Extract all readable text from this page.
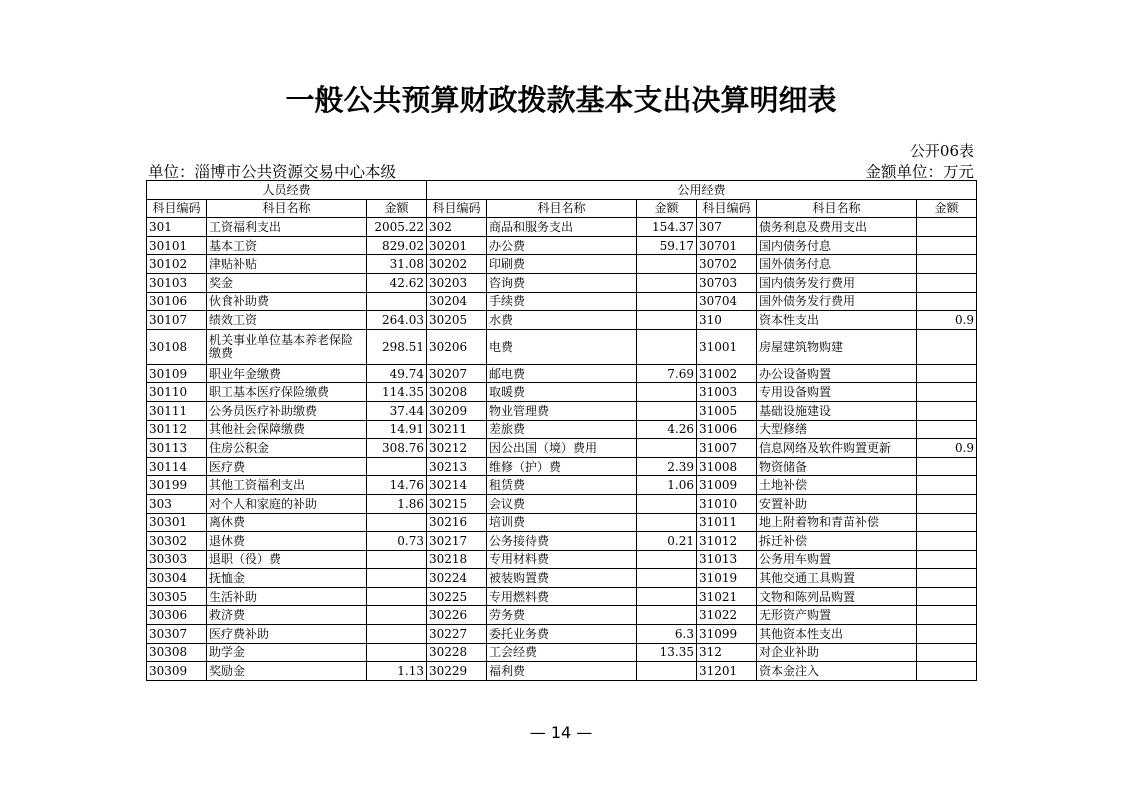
一般公共预算财政拨款基本支出决算明细表
公开06表
单位：淄博市公共资源交易中心本级	金额单位：万元
人员经费			公用经费					
科目编码	科目名称	金额	科目编码	科目名称	金额	科目编码	科目名称	金额
301	工资福利支出	2005.22	302	商品和服务支出	154.37	307	债务利息及费用支出	
30101	基本工资	829.02	30201	办公费	59.17	30701	国内债务付息	
30102	津贴补贴	31.08	30202	印刷费		30702	国外债务付息	
30103	奖金	42.62	30203	咨询费		30703	国内债务发行费用	
30106	伙食补助费		30204	手续费		30704	国外债务发行费用	
30107	绩效工资	264.03	30205	水费		310	资本性支出	0.9
30108	机关事业单位基本养老保险缴费	298.51	30206	电费		31001	房屋建筑物购建	
30109	职业年金缴费	49.74	30207	邮电费	7.69	31002	办公设备购置	
30110	职工基本医疗保险缴费	114.35	30208	取暖费		31003	专用设备购置	
30111	公务员医疗补助缴费	37.44	30209	物业管理费		31005	基础设施建设	
30112	其他社会保障缴费	14.91	30211	差旅费	4.26	31006	大型修缮	
30113	住房公积金	308.76	30212	因公出国（境）费用		31007	信息网络及软件购置更新	0.9
30114	医疗费		30213	维修（护）费	2.39	31008	物资储备	
30199	其他工资福利支出	14.76	30214	租赁费	1.06	31009	土地补偿	
303	对个人和家庭的补助	1.86	30215	会议费		31010	安置补助	
30301	离休费		30216	培训费		31011	地上附着物和青苗补偿	
30302	退休费	0.73	30217	公务接待费	0.21	31012	拆迁补偿	
30303	退职（役）费		30218	专用材料费		31013	公务用车购置	
30304	抚恤金		30224	被装购置费		31019	其他交通工具购置	
30305	生活补助		30225	专用燃料费		31021	文物和陈列品购置	
30306	救济费		30226	劳务费		31022	无形资产购置	
30307	医疗费补助		30227	委托业务费	6.3	31099	其他资本性支出	
30308	助学金		30228	工会经费	13.35	312	对企业补助	
30309	奖励金	1.13	30229	福利费		31201	资本金注入	
— 14 —
